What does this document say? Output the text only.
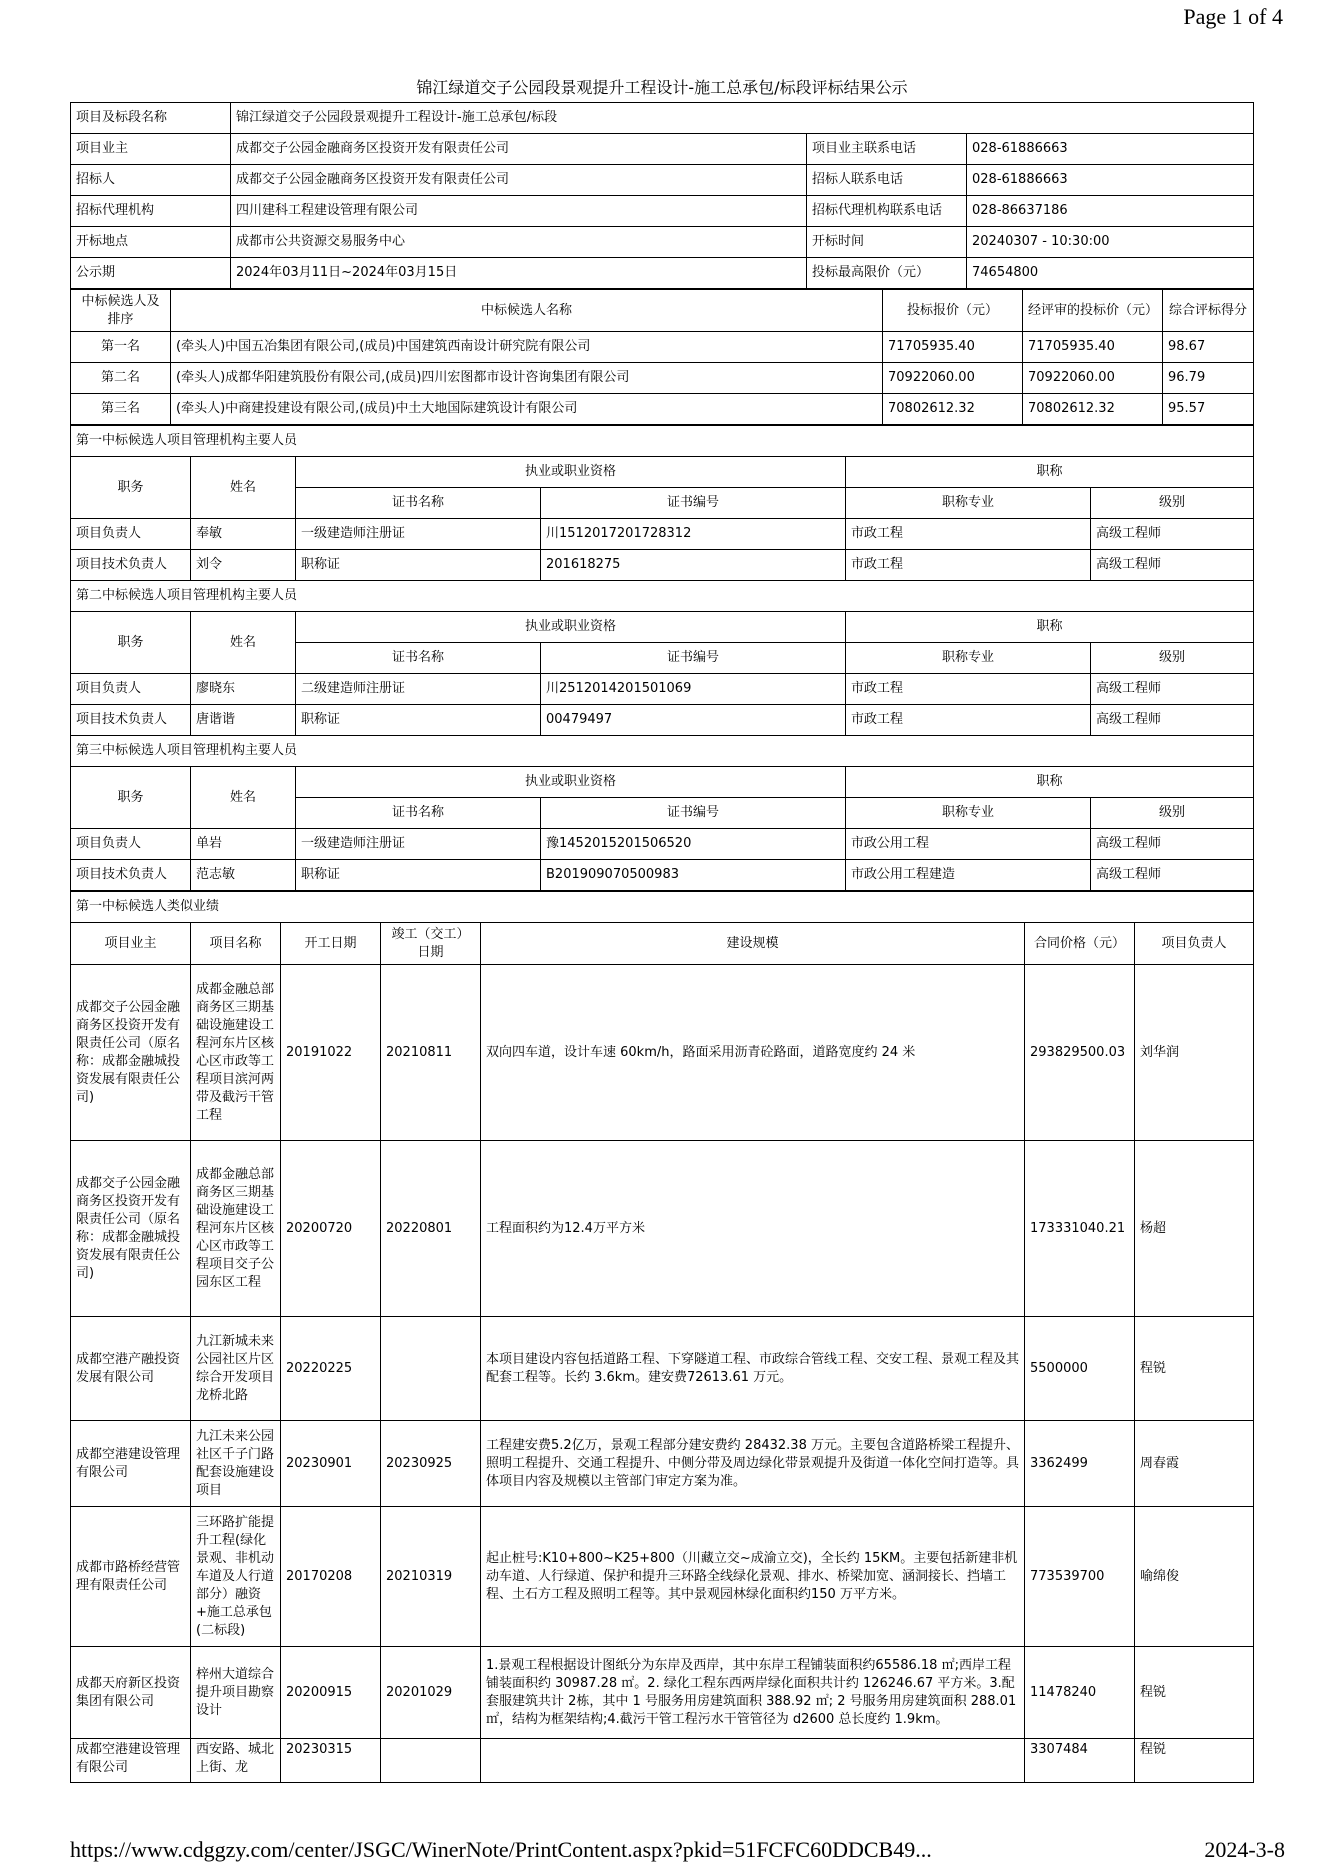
Page 1 of 4
锦江绿道交子公园段景观提升工程设计-施工总承包/标段评标结果公示
项目及标段名称	锦江绿道交子公园段景观提升工程设计-施工总承包/标段		
项目业主	成都交子公园金融商务区投资开发有限责任公司	项目业主联系电话	028-61886663
招标人	成都交子公园金融商务区投资开发有限责任公司	招标人联系电话	028-61886663
招标代理机构	四川建科工程建设管理有限公司	招标代理机构联系电话	028-86637186
开标地点	成都市公共资源交易服务中心	开标时间	20240307 - 10:30:00
公示期	2024年03月11日~2024年03月15日	投标最高限价（元）	74654800
中标候选人及排序	中标候选人名称	投标报价（元）	经评审的投标价（元）	综合评标得分
第一名	(牵头人)中国五冶集团有限公司,(成员)中国建筑西南设计研究院有限公司	71705935.40	71705935.40	98.67
第二名	(牵头人)成都华阳建筑股份有限公司,(成员)四川宏图都市设计咨询集团有限公司	70922060.00	70922060.00	96.79
第三名	(牵头人)中商建投建设有限公司,(成员)中土大地国际建筑设计有限公司	70802612.32	70802612.32	95.57
第一中标候选人项目管理机构主要人员					
职务	姓名	执业或职业资格		职称	
		证书名称	证书编号	职称专业	级别
项目负责人	奉敏	一级建造师注册证	川1512017201728312	市政工程	高级工程师
项目技术负责人	刘令	职称证	201618275	市政工程	高级工程师
第二中标候选人项目管理机构主要人员					
职务	姓名	执业或职业资格		职称	
		证书名称	证书编号	职称专业	级别
项目负责人	廖晓东	二级建造师注册证	川2512014201501069	市政工程	高级工程师
项目技术负责人	唐谐谐	职称证	00479497	市政工程	高级工程师
第三中标候选人项目管理机构主要人员					
职务	姓名	执业或职业资格		职称	
		证书名称	证书编号	职称专业	级别
项目负责人	单岩	一级建造师注册证	豫1452015201506520	市政公用工程	高级工程师
项目技术负责人	范志敏	职称证	B201909070500983	市政公用工程建造	高级工程师
第一中标候选人类似业绩						
项目业主	项目名称	开工日期	竣工（交工）日期	建设规模	合同价格（元）	项目负责人
成都交子公园金融商务区投资开发有限责任公司（原名称：成都金融城投资发展有限责任公司)	成都金融总部商务区三期基础设施建设工程河东片区核心区市政等工程项目滨河两带及截污干管工程	20191022	20210811	双向四车道，设计车速 60km/h，路面采用沥青砼路面，道路宽度约 24 米	293829500.03	刘华润
成都交子公园金融商务区投资开发有限责任公司（原名称：成都金融城投资发展有限责任公司)	成都金融总部商务区三期基础设施建设工程河东片区核心区市政等工程项目交子公园东区工程	20200720	20220801	工程面积约为12.4万平方米	173331040.21	杨超
成都空港产融投资发展有限公司	九江新城未来公园社区片区综合开发项目龙桥北路	20220225		本项目建设内容包括道路工程、下穿隧道工程、市政综合管线工程、交安工程、景观工程及其配套工程等。长约 3.6km。建安费72613.61 万元。	5500000	程锐
成都空港建设管理有限公司	九江未来公园社区千子门路配套设施建设项目	20230901	20230925	工程建安费5.2亿万，景观工程部分建安费约 28432.38 万元。主要包含道路桥梁工程提升、照明工程提升、交通工程提升、中侧分带及周边绿化带景观提升及街道一体化空间打造等。具体项目内容及规模以主管部门审定方案为准。	3362499	周春霞
成都市路桥经营管理有限责任公司	三环路扩能提升工程(绿化景观、非机动车道及人行道部分）融资+施工总承包(二标段)	20170208	20210319	起止桩号:K10+800~K25+800（川藏立交~成渝立交)，全长约 15KM。主要包括新建非机动车道、人行绿道、保护和提升三环路全线绿化景观、排水、桥梁加宽、涵洞接长、挡墙工程、土石方工程及照明工程等。其中景观园林绿化面积约150 万平方米。	773539700	喻绵俊
成都天府新区投资集团有限公司	梓州大道综合提升项目勘察设计	20200915	20201029	1.景观工程根据设计图纸分为东岸及西岸，其中东岸工程铺装面积约65586.18 ㎡;西岸工程铺装面积约 30987.28 ㎡。2. 绿化工程东西两岸绿化面积共计约 126246.67 平方米。3.配套服建筑共计 2栋，其中 1 号服务用房建筑面积 388.92 ㎡; 2 号服务用房建筑面积 288.01㎡，结构为框架结构;4.截污干管工程污水干管管径为 d2600 总长度约 1.9km。	11478240	程锐
成都空港建设管理有限公司	西安路、城北上街、龙	20230315			3307484	程锐
https://www.cdggzy.com/center/JSGC/WinerNote/PrintContent.aspx?pkid=51FCFC60DDCB49...	2024-3-8
